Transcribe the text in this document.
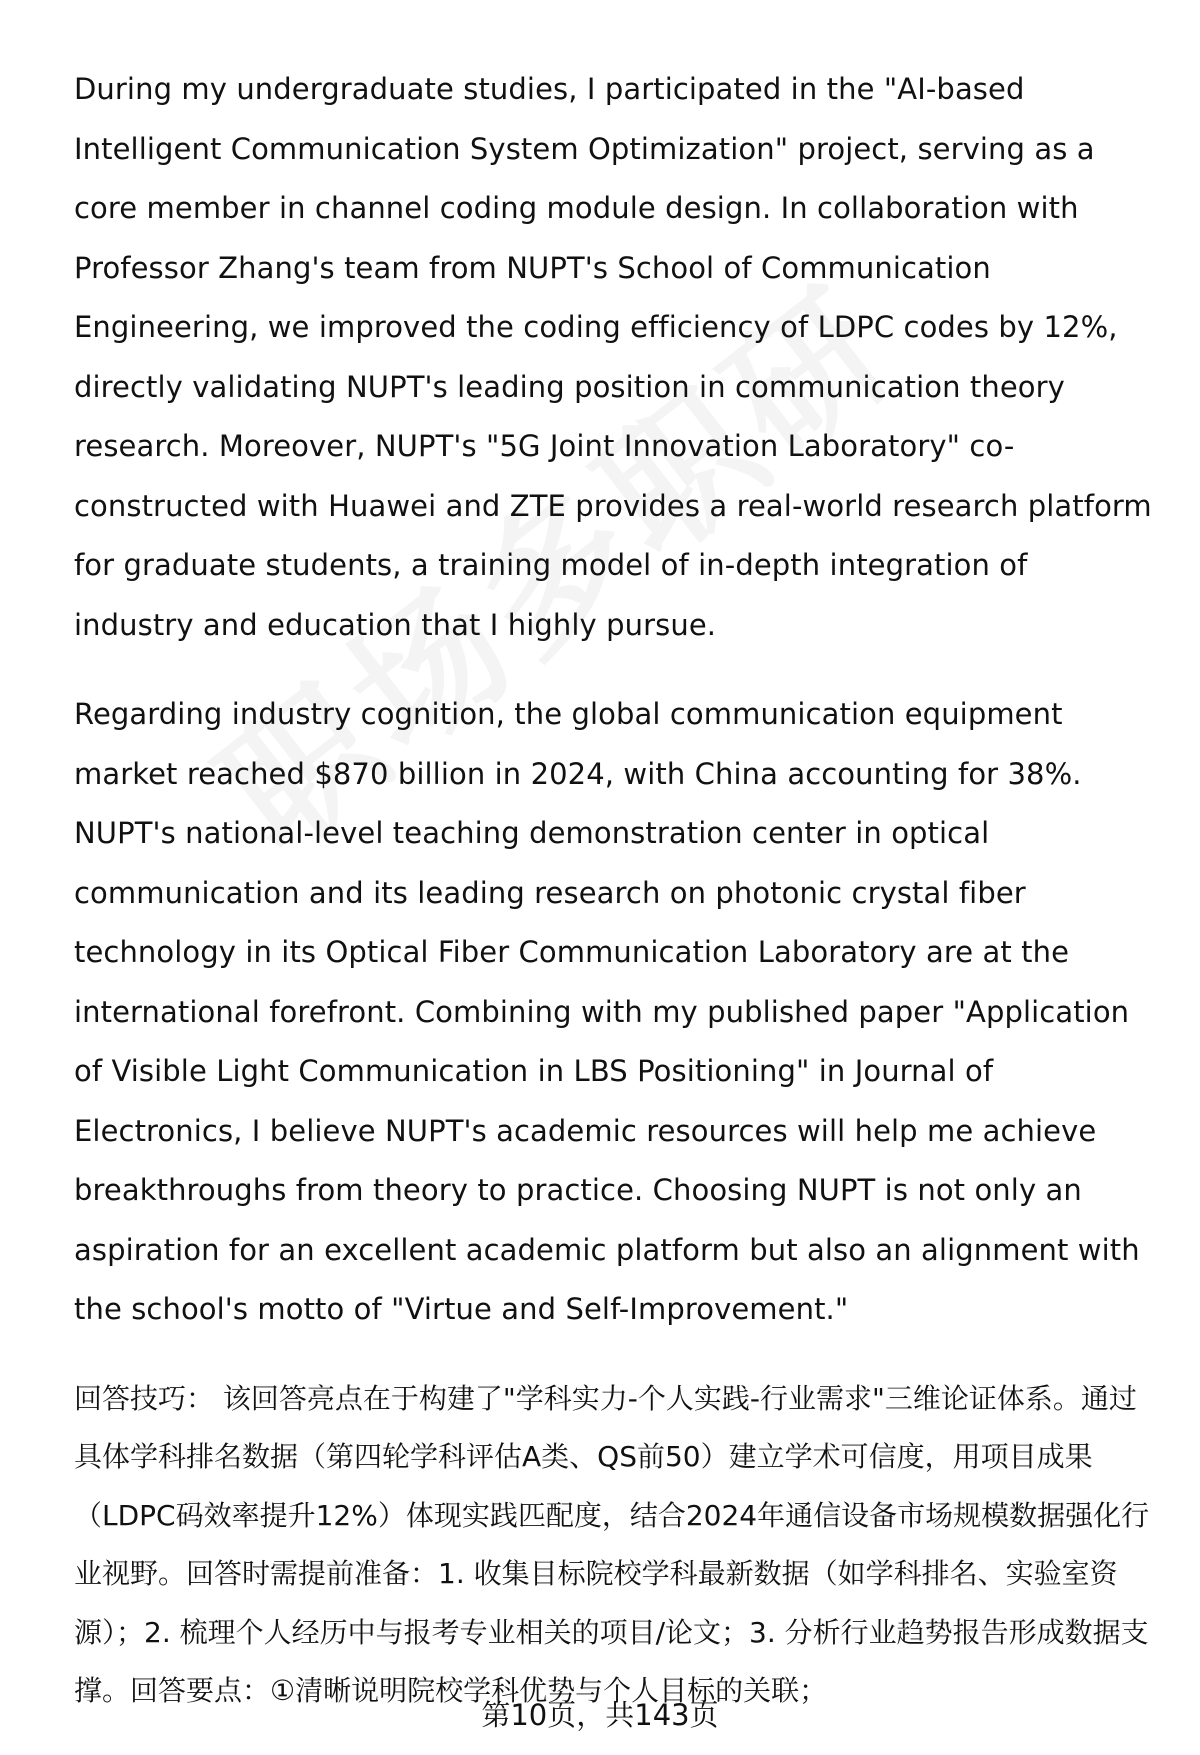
During my undergraduate studies, I participated in the "AI-based Intelligent Communication System Optimization" project, serving as a core member in channel coding module design. In collaboration with Professor Zhang's team from NUPT's School of Communication Engineering, we improved the coding efficiency of LDPC codes by 12%, directly validating NUPT's leading position in communication theory research. Moreover, NUPT's "5G Joint Innovation Laboratory" co-constructed with Huawei and ZTE provides a real-world research platform for graduate students, a training model of in-depth integration of industry and education that I highly pursue.

Regarding industry cognition, the global communication equipment market reached $870 billion in 2024, with China accounting for 38%. NUPT's national-level teaching demonstration center in optical communication and its leading research on photonic crystal fiber technology in its Optical Fiber Communication Laboratory are at the international forefront. Combining with my published paper "Application of Visible Light Communication in LBS Positioning" in Journal of Electronics, I believe NUPT's academic resources will help me achieve breakthroughs from theory to practice. Choosing NUPT is not only an aspiration for an excellent academic platform but also an alignment with the school's motto of "Virtue and Self-Improvement."

回答技巧： 该回答亮点在于构建了"学科实力-个人实践-行业需求"三维论证体系。通过具体学科排名数据（第四轮学科评估A类、QS前50）建立学术可信度，用项目成果（LDPC码效率提升12%）体现实践匹配度，结合2024年通信设备市场规模数据强化行业视野。回答时需提前准备：1. 收集目标院校学科最新数据（如学科排名、实验室资源）；2. 梳理个人经历中与报考专业相关的项目/论文；3. 分析行业趋势报告形成数据支撑。回答要点：①清晰说明院校学科优势与个人目标的关联；

第10页，共143页
